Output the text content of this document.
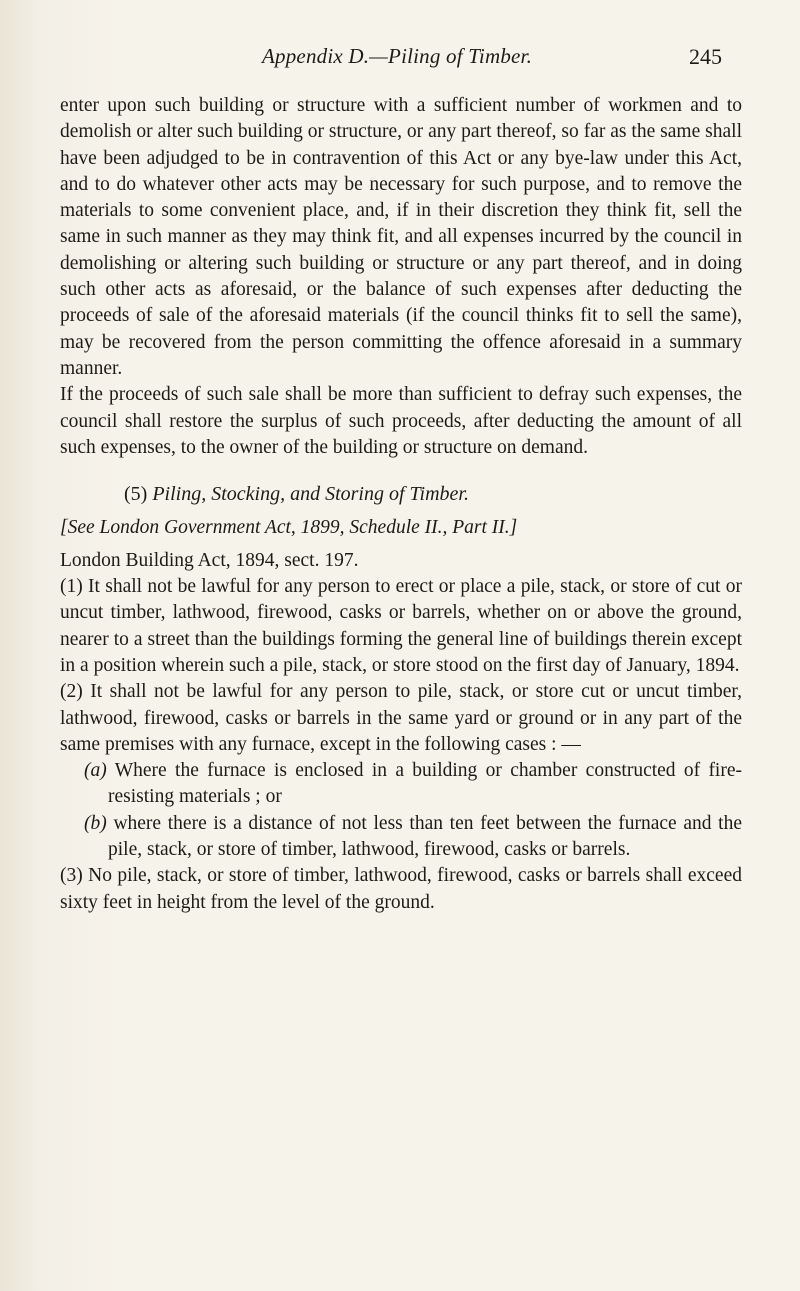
Appendix D.—Piling of Timber.	245

enter upon such building or structure with a sufficient number of workmen and to demolish or alter such building or structure, or any part thereof, so far as the same shall have been adjudged to be in contravention of this Act or any bye-law under this Act, and to do whatever other acts may be necessary for such purpose, and to remove the materials to some convenient place, and, if in their discretion they think fit, sell the same in such manner as they may think fit, and all expenses incurred by the council in demolishing or altering such building or structure or any part thereof, and in doing such other acts as aforesaid, or the balance of such expenses after deducting the proceeds of sale of the aforesaid materials (if the council thinks fit to sell the same), may be recovered from the person committing the offence aforesaid in a summary manner.

If the proceeds of such sale shall be more than sufficient to defray such expenses, the council shall restore the surplus of such proceeds, after deducting the amount of all such expenses, to the owner of the building or structure on demand.

(5) Piling, Stocking, and Storing of Timber.

[See London Government Act, 1899, Schedule II., Part II.]

London Building Act, 1894, sect. 197.

(1) It shall not be lawful for any person to erect or place a pile, stack, or store of cut or uncut timber, lathwood, firewood, casks or barrels, whether on or above the ground, nearer to a street than the buildings forming the general line of buildings therein except in a position wherein such a pile, stack, or store stood on the first day of January, 1894.

(2) It shall not be lawful for any person to pile, stack, or store cut or uncut timber, lathwood, firewood, casks or barrels in the same yard or ground or in any part of the same premises with any furnace, except in the following cases : —

(a) Where the furnace is enclosed in a building or chamber constructed of fire-resisting materials ; or

(b) where there is a distance of not less than ten feet between the furnace and the pile, stack, or store of timber, lathwood, firewood, casks or barrels.

(3) No pile, stack, or store of timber, lathwood, firewood, casks or barrels shall exceed sixty feet in height from the level of the ground.
